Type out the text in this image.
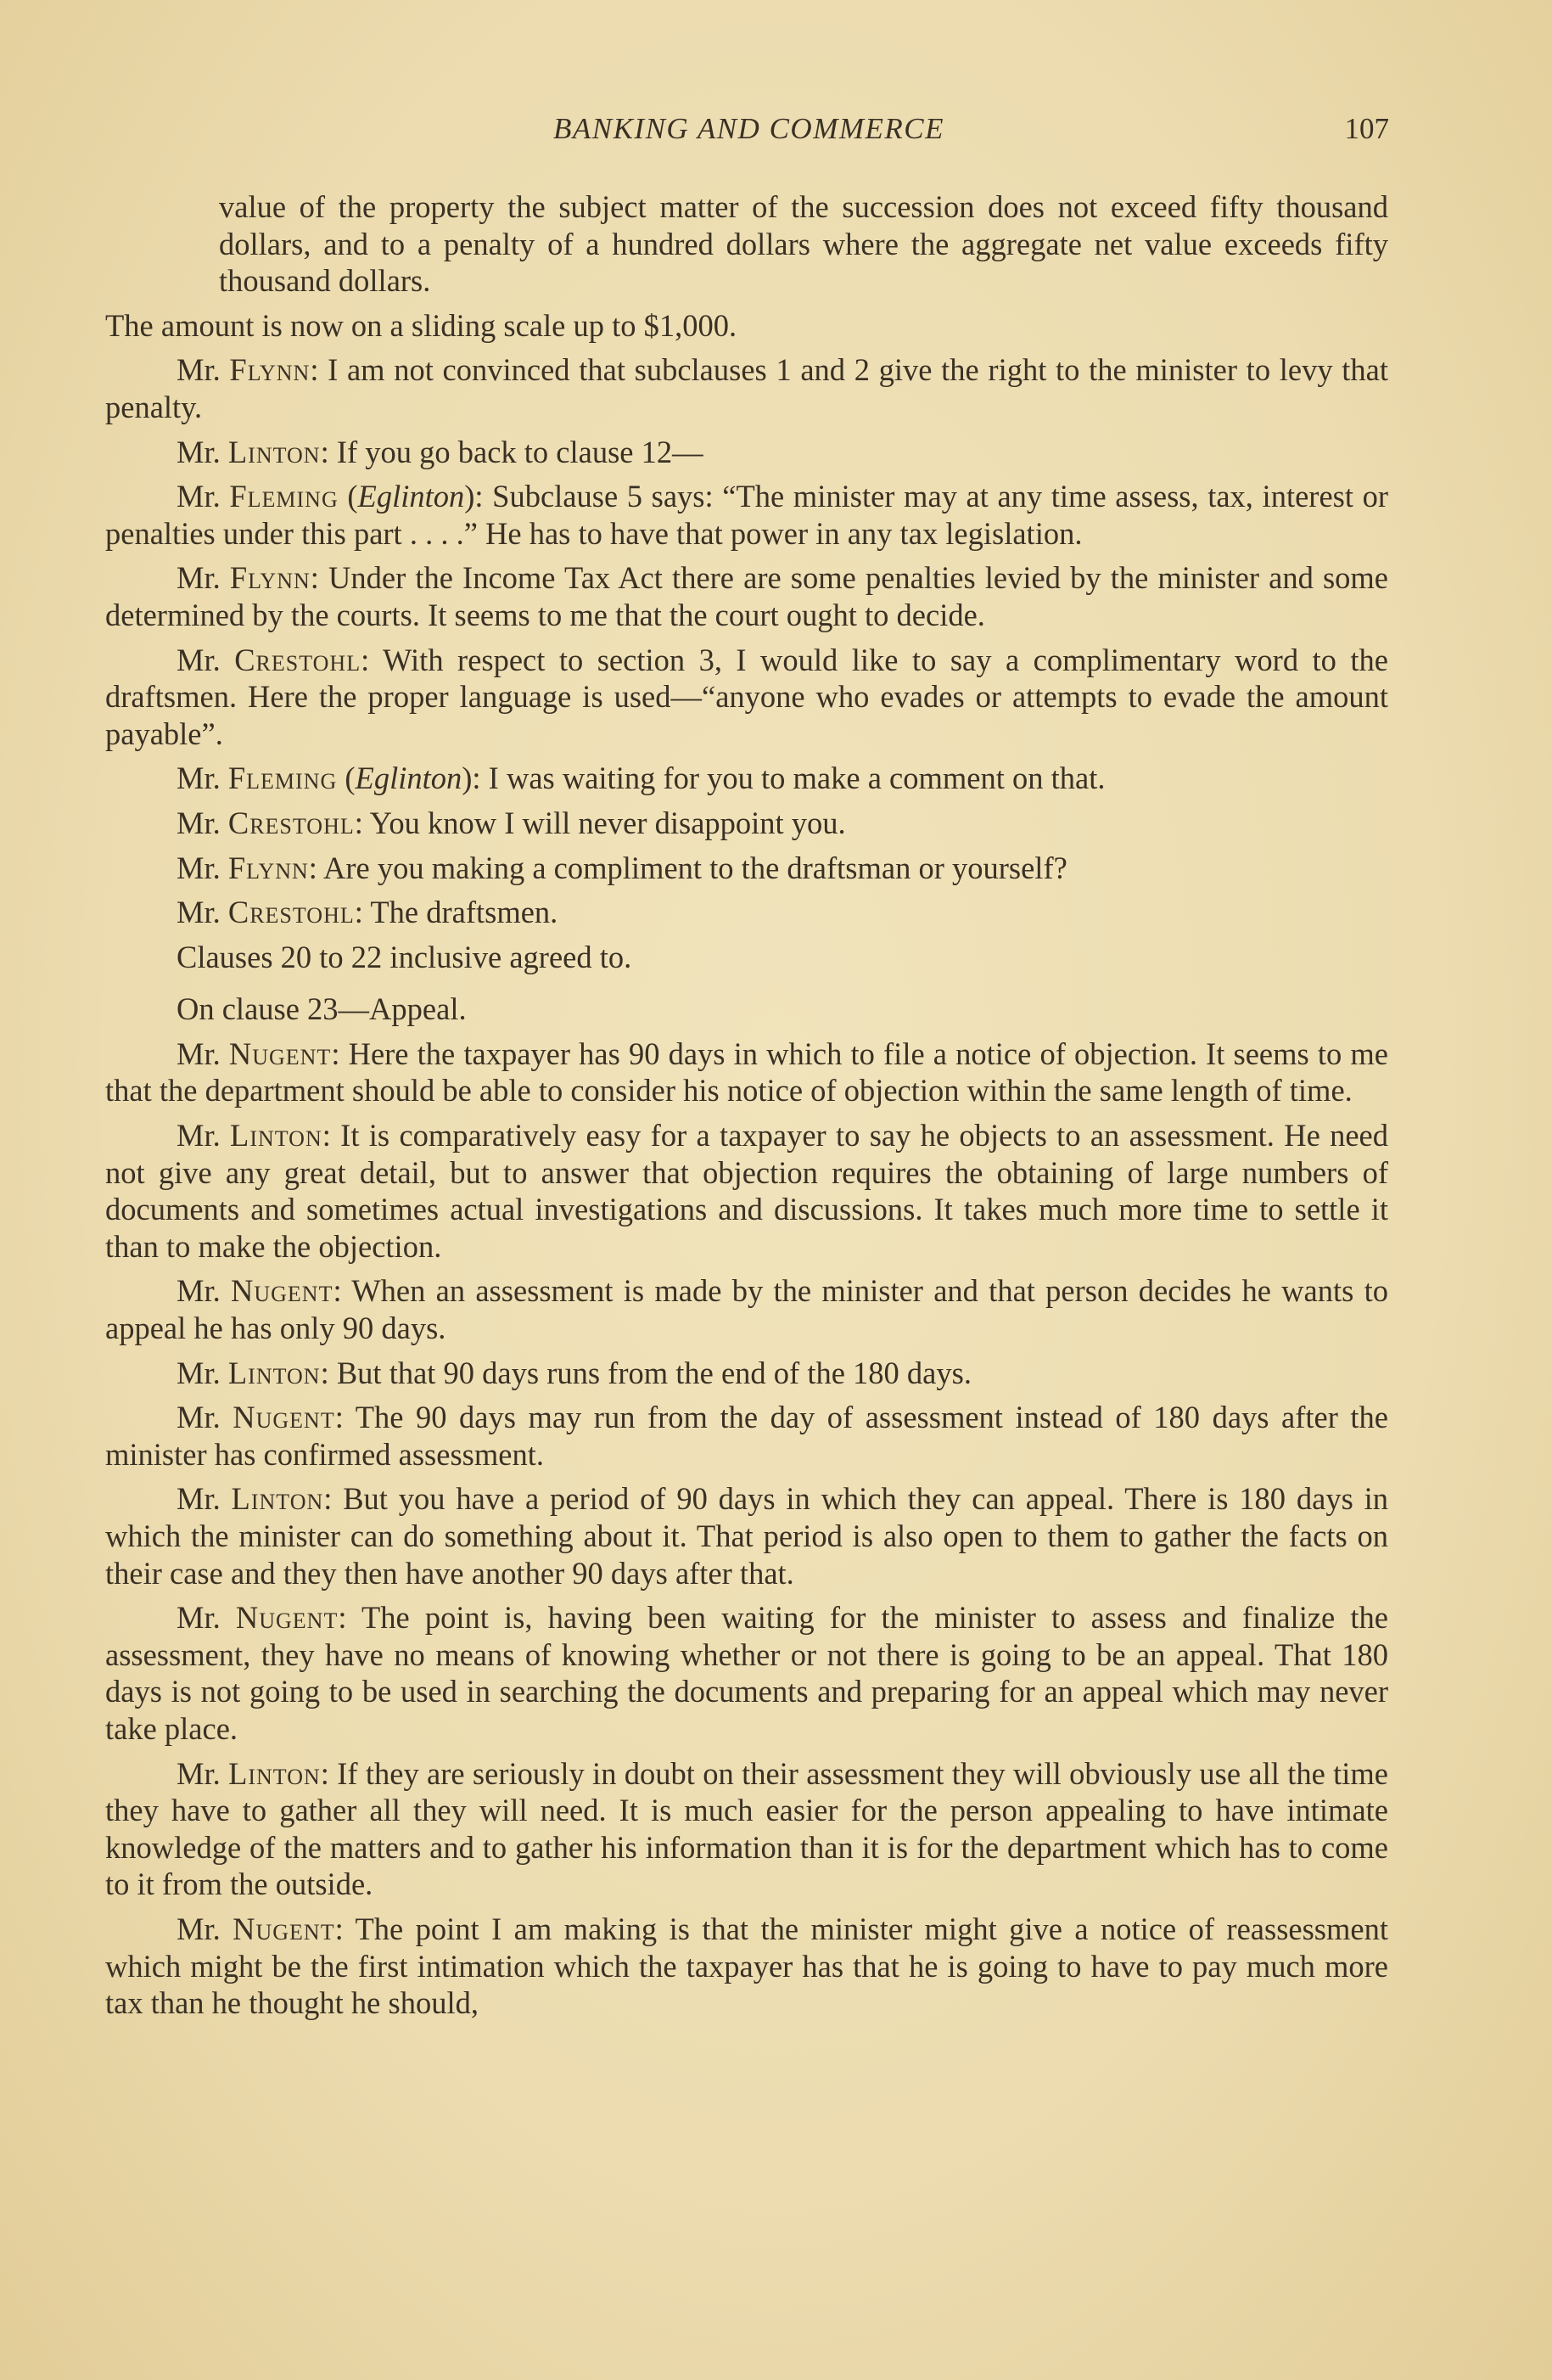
BANKING AND COMMERCE	107

value of the property the subject matter of the succession does not exceed fifty thousand dollars, and to a penalty of a hundred dollars where the aggregate net value exceeds fifty thousand dollars.

The amount is now on a sliding scale up to $1,000.

Mr. Flynn: I am not convinced that subclauses 1 and 2 give the right to the minister to levy that penalty.

Mr. Linton: If you go back to clause 12—

Mr. Fleming (Eglinton): Subclause 5 says: “The minister may at any time assess, tax, interest or penalties under this part . . . .” He has to have that power in any tax legislation.

Mr. Flynn: Under the Income Tax Act there are some penalties levied by the minister and some determined by the courts. It seems to me that the court ought to decide.

Mr. Crestohl: With respect to section 3, I would like to say a complimentary word to the draftsmen. Here the proper language is used—“anyone who evades or attempts to evade the amount payable”.

Mr. Fleming (Eglinton): I was waiting for you to make a comment on that.

Mr. Crestohl: You know I will never disappoint you.

Mr. Flynn: Are you making a compliment to the draftsman or yourself?

Mr. Crestohl: The draftsmen.

Clauses 20 to 22 inclusive agreed to.

On clause 23—Appeal.

Mr. Nugent: Here the taxpayer has 90 days in which to file a notice of objection. It seems to me that the department should be able to consider his notice of objection within the same length of time.

Mr. Linton: It is comparatively easy for a taxpayer to say he objects to an assessment. He need not give any great detail, but to answer that objection requires the obtaining of large numbers of documents and sometimes actual investigations and discussions. It takes much more time to settle it than to make the objection.

Mr. Nugent: When an assessment is made by the minister and that person decides he wants to appeal he has only 90 days.

Mr. Linton: But that 90 days runs from the end of the 180 days.

Mr. Nugent: The 90 days may run from the day of assessment instead of 180 days after the minister has confirmed assessment.

Mr. Linton: But you have a period of 90 days in which they can appeal. There is 180 days in which the minister can do something about it. That period is also open to them to gather the facts on their case and they then have another 90 days after that.

Mr. Nugent: The point is, having been waiting for the minister to assess and finalize the assessment, they have no means of knowing whether or not there is going to be an appeal. That 180 days is not going to be used in searching the documents and preparing for an appeal which may never take place.

Mr. Linton: If they are seriously in doubt on their assessment they will obviously use all the time they have to gather all they will need. It is much easier for the person appealing to have intimate knowledge of the matters and to gather his information than it is for the department which has to come to it from the outside.

Mr. Nugent: The point I am making is that the minister might give a notice of reassessment which might be the first intimation which the taxpayer has that he is going to have to pay much more tax than he thought he should,
